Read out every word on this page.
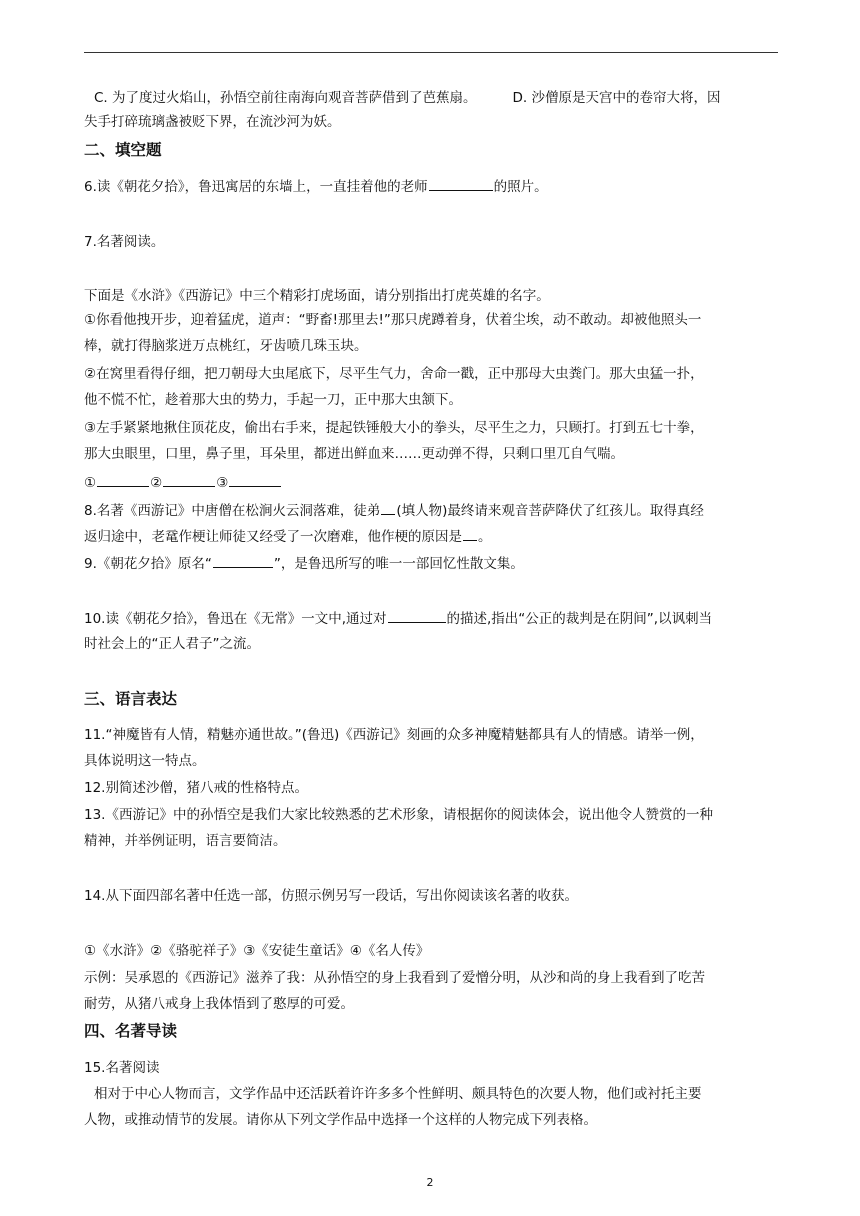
C. 为了度过火焰山，孙悟空前往南海向观音菩萨借到了芭蕉扇。	D. 沙僧原是天宫中的卷帘大将，因
失手打碎琉璃盏被贬下界，在流沙河为妖。
二、填空题
6.读《朝花夕拾》，鲁迅寓居的东墙上，一直挂着他的老师	的照片。
7.名著阅读。
下面是《水浒》《西游记》中三个精彩打虎场面，请分别指出打虎英雄的名字。
①你看他拽开步，迎着猛虎，道声：“野畜!那里去!”那只虎蹲着身，伏着尘埃，动不敢动。却被他照头一
棒，就打得脑浆迸万点桃红，牙齿喷几珠玉块。
②在窝里看得仔细，把刀朝母大虫尾底下，尽平生气力，舍命一戳，正中那母大虫粪门。那大虫猛一扑，
他不慌不忙，趁着那大虫的势力，手起一刀，正中那大虫颔下。
③左手紧紧地揪住顶花皮，偷出右手来，提起铁锤般大小的拳头，尽平生之力，只顾打。打到五七十拳，
那大虫眼里，口里，鼻子里，耳朵里，都迸出鲜血来……更动弹不得，只剩口里兀自气喘。
①	②	③
8.名著《西游记》中唐僧在松涧火云洞落难，徒弟 (填人物)最终请来观音菩萨降伏了红孩儿。取得真经
返归途中，老鼋作梗让师徒又经受了一次磨难，他作梗的原因是 。
9.《朝花夕拾》原名“	”，是鲁迅所写的唯一一部回忆性散文集。
10.读《朝花夕拾》，鲁迅在《无常》一文中,通过对	的描述,指出“公正的裁判是在阴间”,以讽刺当
时社会上的“正人君子”之流。
三、语言表达
11.“神魔皆有人情，精魅亦通世故。”(鲁迅)《西游记》刻画的众多神魔精魅都具有人的情感。请举一例，
具体说明这一特点。
12.别简述沙僧，猪八戒的性格特点。
13.《西游记》中的孙悟空是我们大家比较熟悉的艺术形象，请根据你的阅读体会，说出他令人赞赏的一种
精神，并举例证明，语言要简洁。
14.从下面四部名著中任选一部，仿照示例另写一段话，写出你阅读该名著的收获。
①《水浒》②《骆驼祥子》③《安徒生童话》④《名人传》
示例：吴承恩的《西游记》滋养了我：从孙悟空的身上我看到了爱憎分明，从沙和尚的身上我看到了吃苦
耐劳，从猪八戒身上我体悟到了憨厚的可爱。
四、名著导读
15.名著阅读
相对于中心人物而言，文学作品中还活跃着许许多多个性鲜明、颇具特色的次要人物，他们或衬托主要
人物，或推动情节的发展。请你从下列文学作品中选择一个这样的人物完成下列表格。
2
